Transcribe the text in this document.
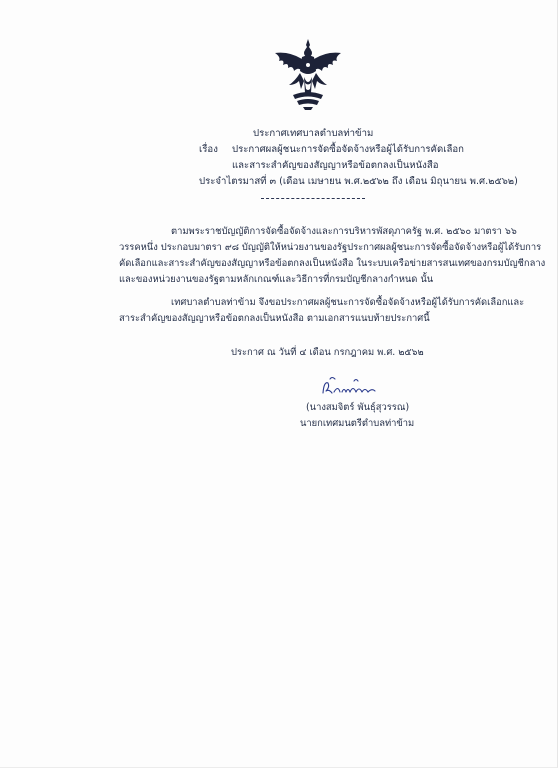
ประกาศเทศบาลตำบลท่าข้าม
เรื่อง ประกาศผลผู้ชนะการจัดซื้อจัดจ้างหรือผู้ได้รับการคัดเลือก
และสาระสำคัญของสัญญาหรือข้อตกลงเป็นหนังสือ
ประจำไตรมาสที่ ๓ (เดือน เมษายน พ.ศ.๒๕๖๒ ถึง เดือน มิถุนายน พ.ศ.๒๕๖๒)
ตามพระราชบัญญัติการจัดซื้อจัดจ้างและการบริหารพัสดุภาครัฐ พ.ศ. ๒๕๖๐ มาตรา ๖๖
วรรคหนึ่ง ประกอบมาตรา ๙๘ บัญญัติให้หน่วยงานของรัฐประกาศผลผู้ชนะการจัดซื้อจัดจ้างหรือผู้ได้รับการ
คัดเลือกและสาระสำคัญของสัญญาหรือข้อตกลงเป็นหนังสือ ในระบบเครือข่ายสารสนเทศของกรมบัญชีกลาง
และของหน่วยงานของรัฐตามหลักเกณฑ์และวิธีการที่กรมบัญชีกลางกำหนด นั้น
เทศบาลตำบลท่าข้าม จึงขอประกาศผลผู้ชนะการจัดซื้อจัดจ้างหรือผู้ได้รับการคัดเลือกและ
สาระสำคัญของสัญญาหรือข้อตกลงเป็นหนังสือ ตามเอกสารแนบท้ายประกาศนี้
ประกาศ ณ วันที่ ๔ เดือน กรกฎาคม พ.ศ. ๒๕๖๒
(นางสมจิตร์ พันธุ์สุวรรณ)
นายกเทศมนตรีตำบลท่าข้าม
